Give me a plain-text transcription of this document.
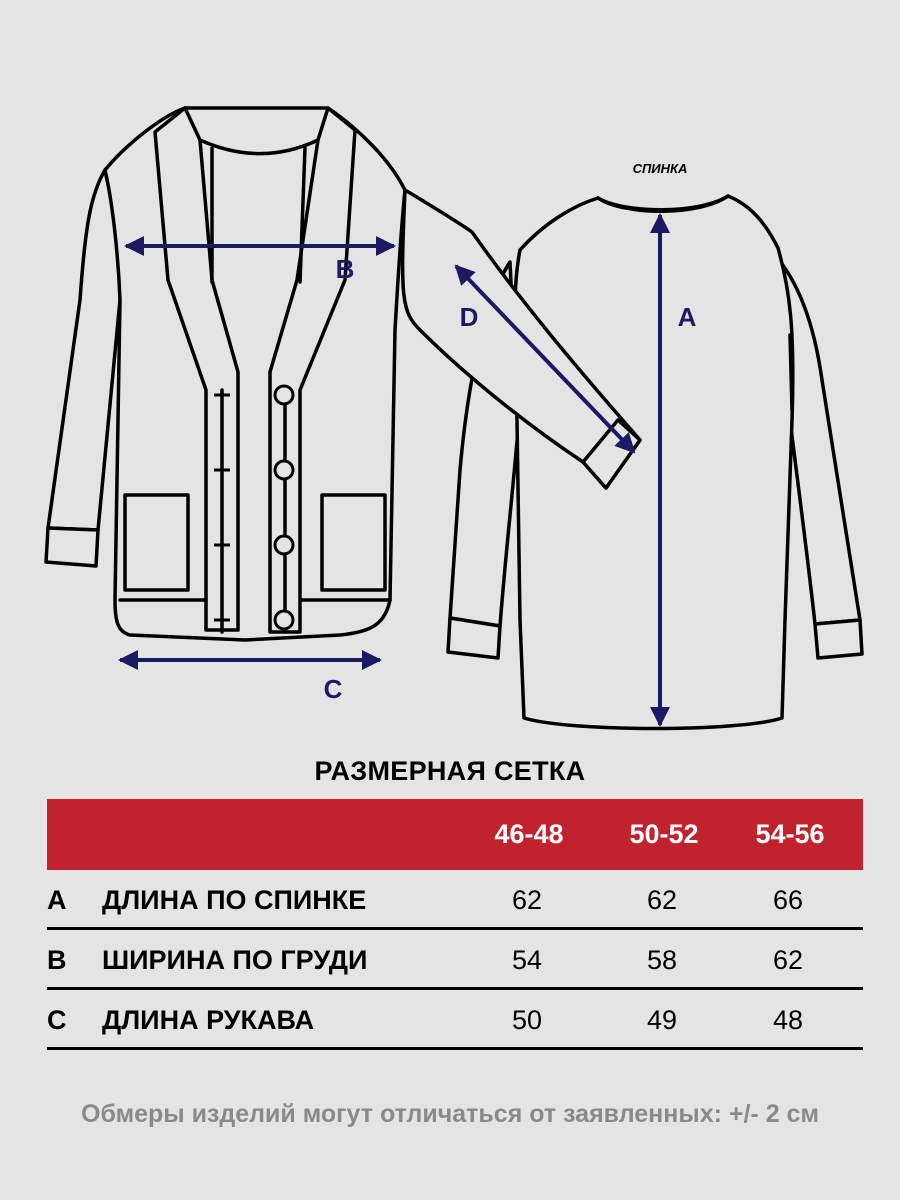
СПИНКА
B
C
D	A
РАЗМЕРНАЯ СЕТКА
46-48	50-52	54-56
A ДЛИНА ПО СПИНКЕ	62	62	66
B ШИРИНА ПО ГРУДИ	54	58	62
C ДЛИНА РУКАВА	50	49	48
Обмеры изделий могут отличаться от заявленных: +/- 2 см
